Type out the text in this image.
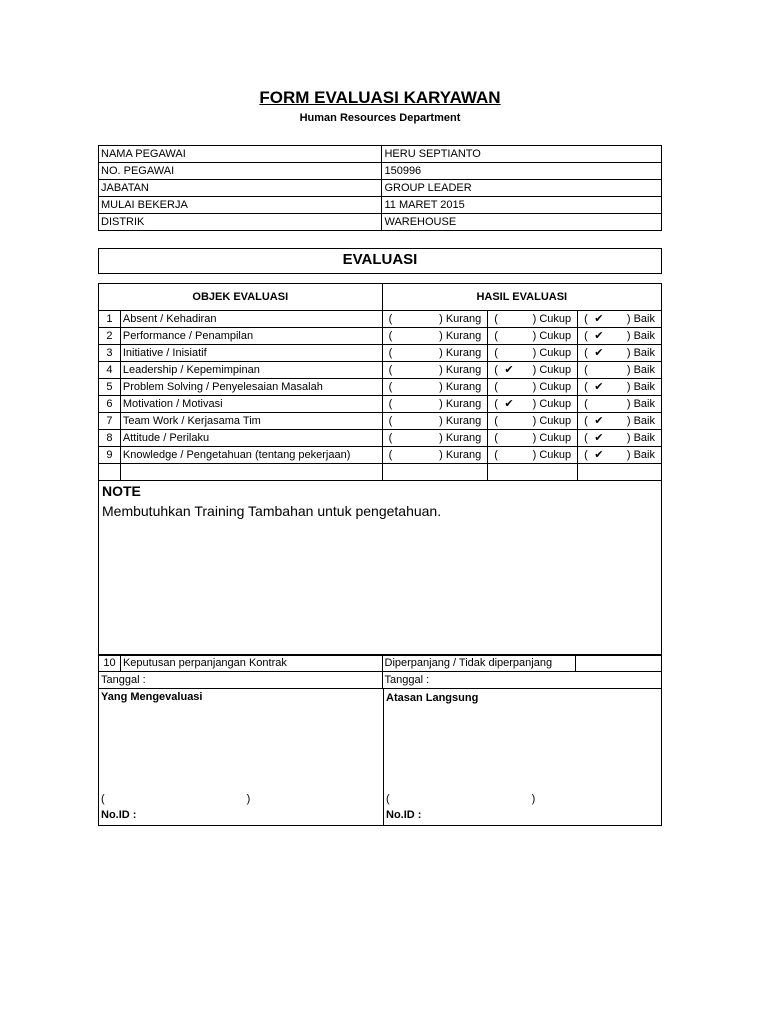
FORM EVALUASI KARYAWAN
Human Resources Department
NAMA PEGAWAI	HERU SEPTIANTO
NO. PEGAWAI	150996
JABATAN	GROUP LEADER
MULAI BEKERJA	11 MARET 2015
DISTRIK	WAREHOUSE
EVALUASI
OBJEK EVALUASI		HASIL EVALUASI		
1	Absent / Kehadiran	( ) Kurang	( ) Cukup	( ✔ ) Baik

2	Performance / Penampilan	( ) Kurang	( ) Cukup	( ✔ ) Baik

3	Initiative / Inisiatif	( ) Kurang	( ) Cukup	( ✔ ) Baik

4	Leadership / Kepemimpinan	( ) Kurang	( ✔ ) Cukup	( ) Baik

5	Problem Solving / Penyelesaian Masalah	( ) Kurang	( ) Cukup	( ✔ ) Baik

6	Motivation / Motivasi	( ) Kurang	( ✔ ) Cukup	( ) Baik

7	Team Work / Kerjasama Tim	( ) Kurang	( ) Cukup	( ✔ ) Baik

8	Attitude / Perilaku	( ) Kurang	( ) Cukup	( ✔ ) Baik

9	Knowledge / Pengetahuan (tentang pekerjaan)	( ) Kurang	( ) Cukup	( ✔ ) Baik

NOTE
Membutuhkan Training Tambahan untuk pengetahuan.
10	Keputusan perpanjangan Kontrak	Diperpanjang / Tidak diperpanjang	
Tanggal :		Tanggal :	
Yang Mengevaluasi
(	)
No.ID :
Atasan Langsung
(	)
No.ID :
